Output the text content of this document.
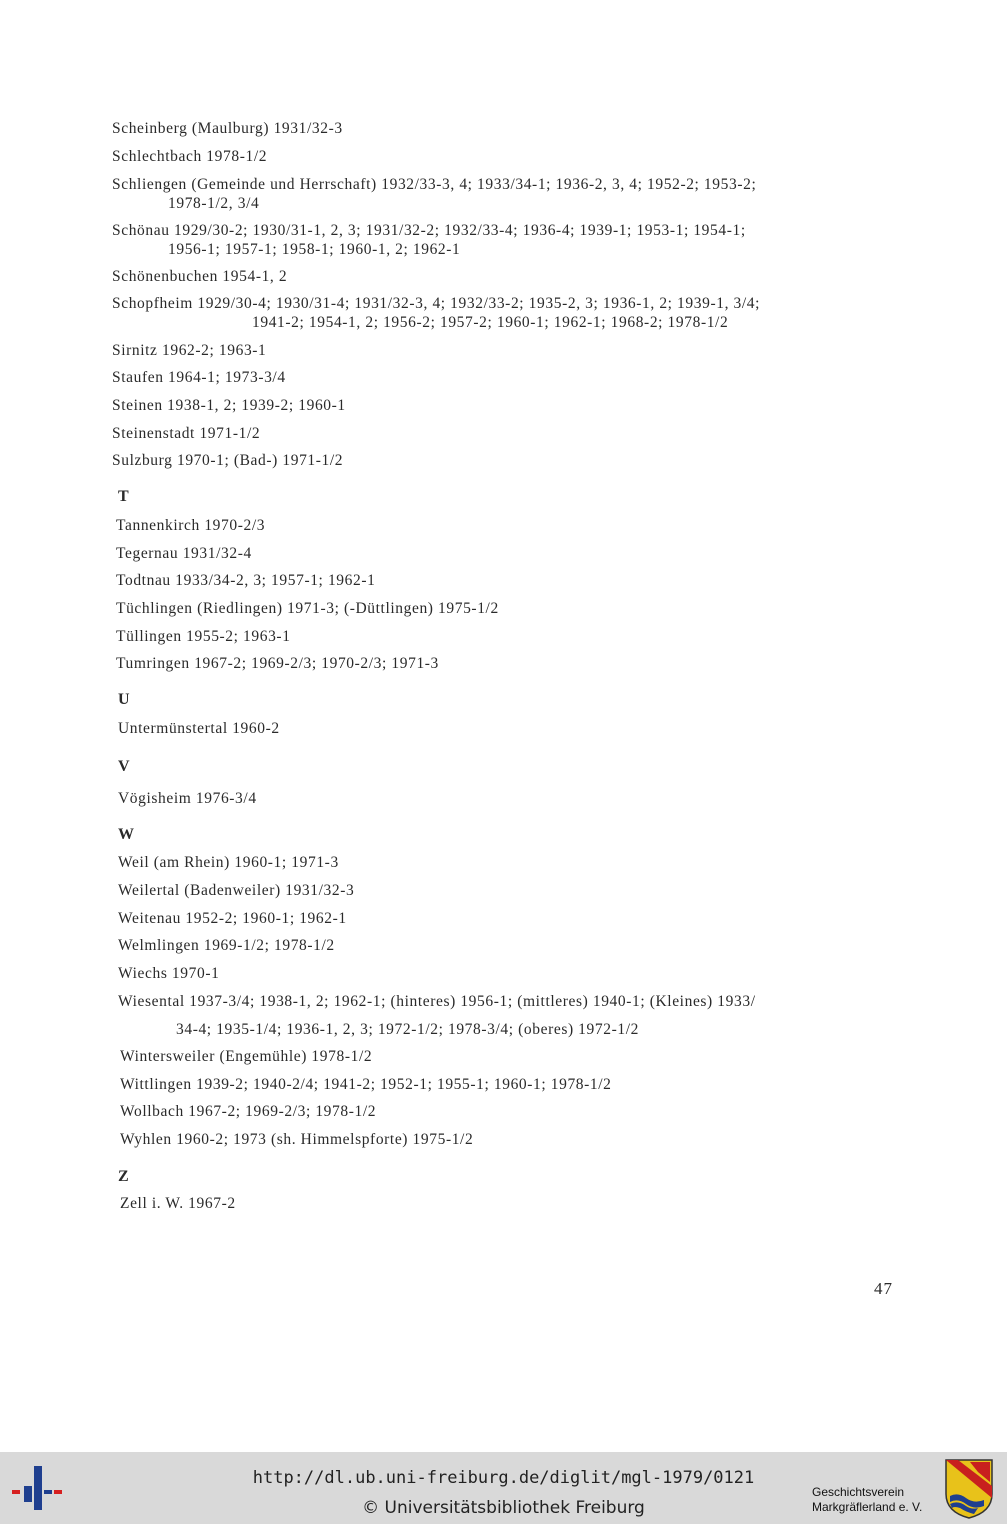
Scheinberg (Maulburg) 1931/32-3
Schlechtbach 1978-1/2
Schliengen (Gemeinde und Herrschaft) 1932/33-3, 4; 1933/34-1; 1936-2, 3, 4; 1952-2; 1953-2;
1978-1/2, 3/4
Schönau 1929/30-2; 1930/31-1, 2, 3; 1931/32-2; 1932/33-4; 1936-4; 1939-1; 1953-1; 1954-1;
1956-1; 1957-1; 1958-1; 1960-1, 2; 1962-1
Schönenbuchen 1954-1, 2
Schopfheim 1929/30-4; 1930/31-4; 1931/32-3, 4; 1932/33-2; 1935-2, 3; 1936-1, 2; 1939-1, 3/4;
1941-2; 1954-1, 2; 1956-2; 1957-2; 1960-1; 1962-1; 1968-2; 1978-1/2
Sirnitz 1962-2; 1963-1
Staufen 1964-1; 1973-3/4
Steinen 1938-1, 2; 1939-2; 1960-1
Steinenstadt 1971-1/2
Sulzburg 1970-1; (Bad-) 1971-1/2
T
Tannenkirch 1970-2/3
Tegernau 1931/32-4
Todtnau 1933/34-2, 3; 1957-1; 1962-1
Tüchlingen (Riedlingen) 1971-3; (-Düttlingen) 1975-1/2
Tüllingen 1955-2; 1963-1
Tumringen 1967-2; 1969-2/3; 1970-2/3; 1971-3
U
Untermünstertal 1960-2
V
Vögisheim 1976-3/4
W
Weil (am Rhein) 1960-1; 1971-3
Weilertal (Badenweiler) 1931/32-3
Weitenau 1952-2; 1960-1; 1962-1
Welmlingen 1969-1/2; 1978-1/2
Wiechs 1970-1
Wiesental 1937-3/4; 1938-1, 2; 1962-1; (hinteres) 1956-1; (mittleres) 1940-1; (Kleines) 1933/
34-4; 1935-1/4; 1936-1, 2, 3; 1972-1/2; 1978-3/4; (oberes) 1972-1/2
Wintersweiler (Engemühle) 1978-1/2
Wittlingen 1939-2; 1940-2/4; 1941-2; 1952-1; 1955-1; 1960-1; 1978-1/2
Wollbach 1967-2; 1969-2/3; 1978-1/2
Wyhlen 1960-2; 1973 (sh. Himmelspforte) 1975-1/2
Z
Zell i. W. 1967-2
47
http://dl.ub.uni-freiburg.de/diglit/mgl-1979/0121
© Universitätsbibliothek Freiburg
Geschichtsverein
Markgräflerland e. V.
